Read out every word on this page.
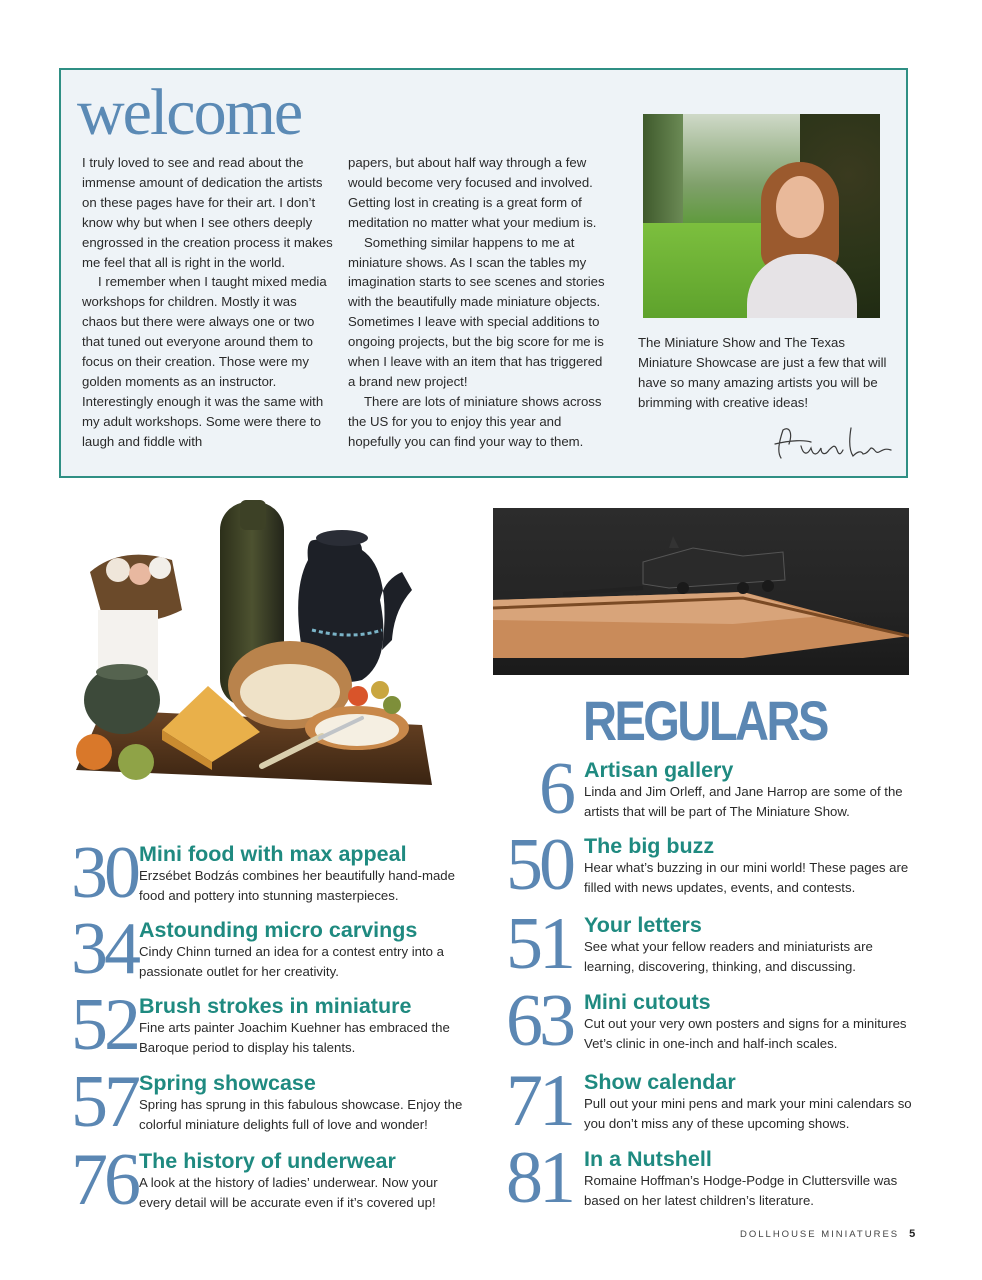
welcome

I truly loved to see and read about the immense amount of dedication the artists on these pages have for their art. I don’t know why but when I see others deeply engrossed in the creation process it makes me feel that all is right in the world.

I remember when I taught mixed media workshops for children. Mostly it was chaos but there were always one or two that tuned out everyone around them to focus on their creation. Those were my golden moments as an instructor. Interestingly enough it was the same with my adult workshops. Some were there to laugh and fiddle with

papers, but about half way through a few would become very focused and involved. Getting lost in creating is a great form of meditation no matter what your medium is.

Something similar happens to me at miniature shows. As I scan the tables my imagination starts to see scenes and stories with the beautifully made miniature objects. Sometimes I leave with special additions to ongoing projects, but the big score for me is when I leave with an item that has triggered a brand new project!

There are lots of miniature shows across the US for you to enjoy this year and hopefully you can find your way to them.

The Miniature Show and The Texas Miniature Showcase are just a few that will have so many amazing artists you will be brimming with creative ideas!
REGULARS
30 Mini food with max appeal
Erzsébet Bodzás combines her beautifully hand-made food and pottery into stunning masterpieces.
34 Astounding micro carvings
Cindy Chinn turned an idea for a contest entry into a passionate outlet for her creativity.
52 Brush strokes in miniature
Fine arts painter Joachim Kuehner has embraced the Baroque period to display his talents.
57 Spring showcase
Spring has sprung in this fabulous showcase. Enjoy the colorful miniature delights full of love and wonder!
76 The history of underwear
A look at the history of ladies’ underwear. Now your every detail will be accurate even if it’s covered up!
6 Artisan gallery
Linda and Jim Orleff, and Jane Harrop are some of the artists that will be part of The Miniature Show.
50 The big buzz
Hear what’s buzzing in our mini world! These pages are filled with news updates, events, and contests.
51 Your letters
See what your fellow readers and miniaturists are learning, discovering, thinking, and discussing.
63 Mini cutouts
Cut out your very own posters and signs for a minitures Vet’s clinic in one-inch and half-inch scales.
71 Show calendar
Pull out your mini pens and mark your mini calendars so you don’t miss any of these upcoming shows.
81 In a Nutshell
Romaine Hoffman’s Hodge-Podge in Cluttersville was based on her latest children’s literature.
DOLLHOUSE MINIATURES 5
